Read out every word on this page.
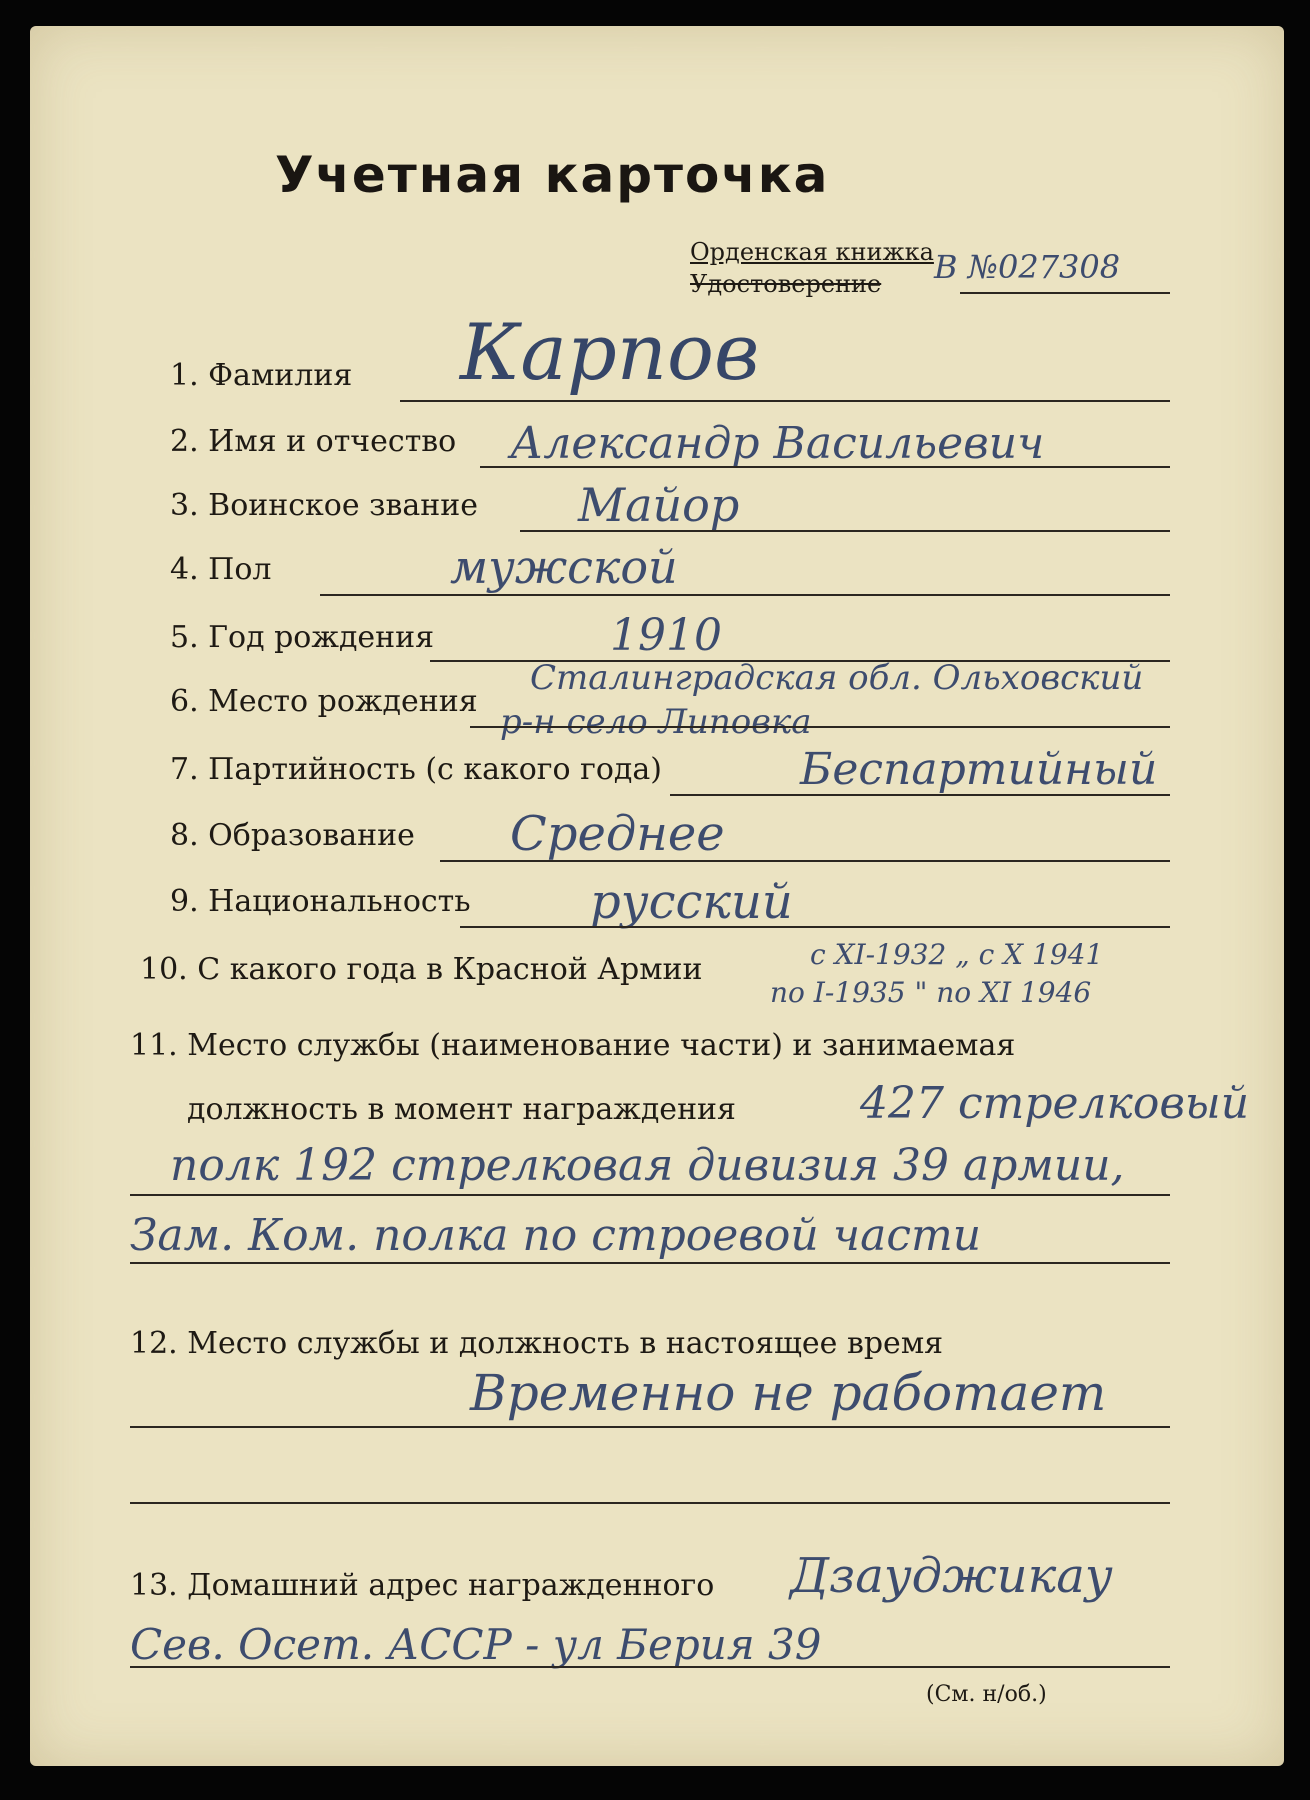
Учетная карточка
Орденская книжка
Удостоверение В №027308
1. Фамилия Карпов
2. Имя и отчество Александр Васильевич
3. Воинское звание Майор
4. Пол	мужской
5. Год рождения	1910
6. Место рождения
Сталинградская обл. Ольховский
р-н село Липовка
7. Партийность (с какого года)	Беспартийный
8. Образование Среднее
9. Национальность русский
10. С какого года в Красной Армии	с XI-1932 „ с X 1941
по I-1935 " по XI 1946
11. Место службы (наименование части) и занимаемая
должность в момент награждения	427 стрелковый
полк 192 стрелковая дивизия 39 армии,
Зам. Ком. полка по строевой части
12. Место службы и должность в настоящее время
Временно не работает
13. Домашний адрес награжденного Дзауджикау
Сев. Осет. АССР - ул Берия 39
(См. н/об.)
